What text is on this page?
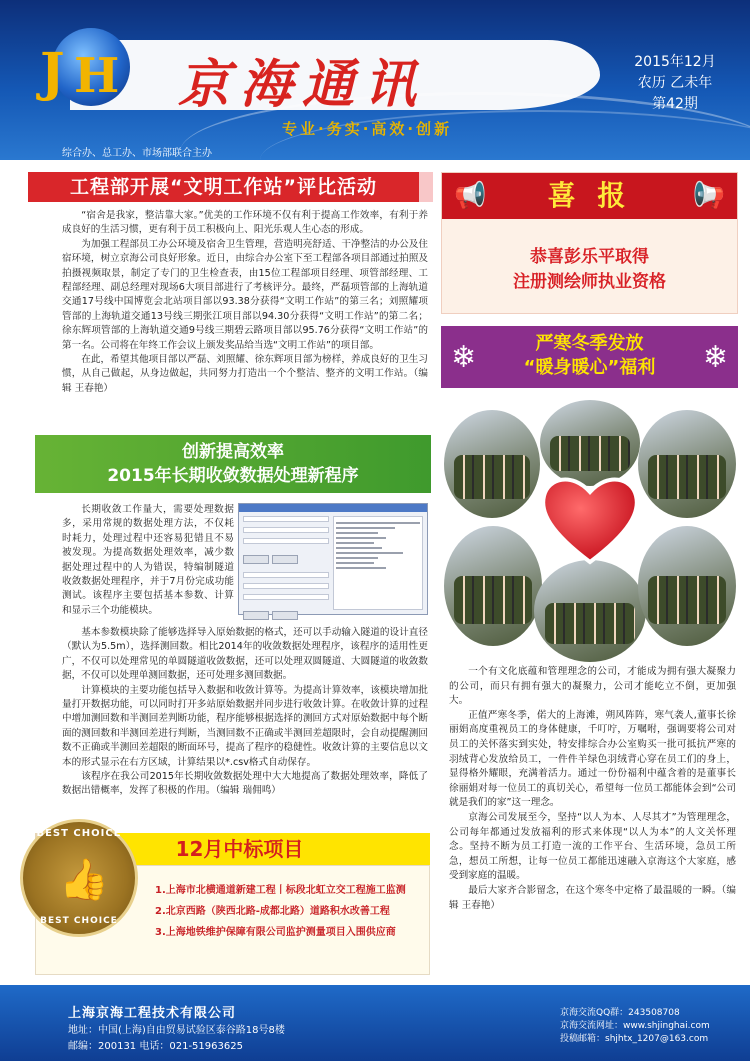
J H 京海通讯
专业·务实·高效·创新
2015年12月
农历 乙未年
第42期
综合办、总工办、市场部联合主办
工程部开展“文明工作站”评比活动

“宿舍是我家，整洁靠大家。”优美的工作环境不仅有利于提高工作效率，有利于养成良好的生活习惯，更有利于员工积极向上、阳光乐观人生心态的形成。

为加强工程部员工办公环境及宿舍卫生管理，营造明亮舒适、干净整洁的办公及住宿环境，树立京海公司良好形象。近日，由综合办公室下至工程部各项目部通过拍照及拍摄视频取景，制定了专门的卫生检查表，由15位工程部项目经理、项管部经理、工程部经理、副总经理对现场6大项目部进行了考核评分。最终，严磊项管部的上海轨道交通17号线中国博览会北站项目部以93.38分获得“文明工作站”的第三名；刘照耀项管部的上海轨道交通13号线三期张江项目部以94.30分获得“文明工作站”的第二名；徐东辉项管部的上海轨道交通9号线三期碧云路项目部以95.76分获得“文明工作站”的第一名。公司将在年终工作会议上颁发奖品给当选“文明工作站”的项目部。

在此，希望其他项目部以严磊、刘照耀、徐东辉项目部为榜样，养成良好的卫生习惯，从自己做起，从身边做起，共同努力打造出一个个整洁、整齐的文明工作站。（编辑 王春艳）

创新提高效率
2015年长期收敛数据处理新程序

长期收敛工作量大，需要处理数据多，采用常规的数据处理方法，不仅耗时耗力，处理过程中还容易犯错且不易被发现。为提高数据处理效率，减少数据处理过程中的人为错误，特编制隧道收敛数据处理程序，并于7月份完成功能测试。该程序主要包括基本参数、计算和显示三个功能模块。

基本参数模块除了能够选择导入原始数据的格式，还可以手动输入隧道的设计直径（默认为5.5m），选择测回数。相比2014年的收敛数据处理程序，该程序的适用性更广，不仅可以处理常见的单圆隧道收敛数据，还可以处理双圆隧道、大圆隧道的收敛数据，不仅可以处理单测回数据，还可处理多测回数据。

计算模块的主要功能包括导入数据和收敛计算等。为提高计算效率，该模块增加批量打开数据功能，可以同时打开多站原始数据并同步进行收敛计算。在收敛计算的过程中增加测回数和半测回差判断功能，程序能够根据选择的测回方式对原始数据中每个断面的测回数和半测回差进行判断，当测回数不正确或半测回差超限时，会自动提醒测回数不正确或半测回差超限的断面环号，提高了程序的稳健性。收敛计算的主要信息以文本的形式显示在右方区域，计算结果以*.csv格式自动保存。

该程序在我公司2015年长期收敛数据处理中大大地提高了数据处理效率，降低了数据出错概率，发挥了积极的作用。（编辑 瑞佣鸣）

12月中标项目
BEST CHOICE
👍
BEST CHOICE
1.上海市北横通道新建工程丨标段北虹立交工程施工监测
2.北京西路（陕西北路-成都北路）道路积水改善工程
3.上海地铁维护保障有限公司监护测量项目入围供应商
📢	📢
喜 报
恭喜彭乐平取得
注册测绘师执业资格
❄	❄
严寒冬季发放
“暖身暖心”福利

一个有文化底蕴和管理理念的公司，才能成为拥有强大凝聚力的公司，而只有拥有强大的凝聚力，公司才能屹立不倒，更加强大。

正值严寒冬季，偌大的上海滩，朔风阵阵，寒气袭人,董事长徐丽娟高度重视员工的身体健康，千叮咛，万嘱咐，强调要将公司对员工的关怀落实到实处，特安排综合办公室购买一批可抵抗严寒的羽绒背心发放给员工，一件件羊绿色羽绒背心穿在员工们的身上，显得格外耀眼，充满着活力。通过一份份福利中蕴含着的是董事长徐丽娟对每一位员工的真切关心，希望每一位员工都能体会到“公司就是我们的家”这一理念。

京海公司发展至今，坚持“以人为本、人尽其才”为管理理念，公司每年都通过发放福利的形式来体现“以人为本”的人文关怀理念。坚持不断为员工打造一流的工作平台、生活环境，急员工所急，想员工所想，让每一位员工都能迅速融入京海这个大家庭，感受到家庭的温暖。

最后大家齐合影留念，在这个寒冬中定格了最温暖的一瞬。（编辑 王春艳）

上海京海工程技术有限公司
地址：中国(上海)自由贸易试验区泰谷路18号8楼
邮编：200131 电话：021-51963625
京海交流QQ群：243508708
京海交流网址：www.shjinghai.com
投稿邮箱：shjhtx_1207@163.com
